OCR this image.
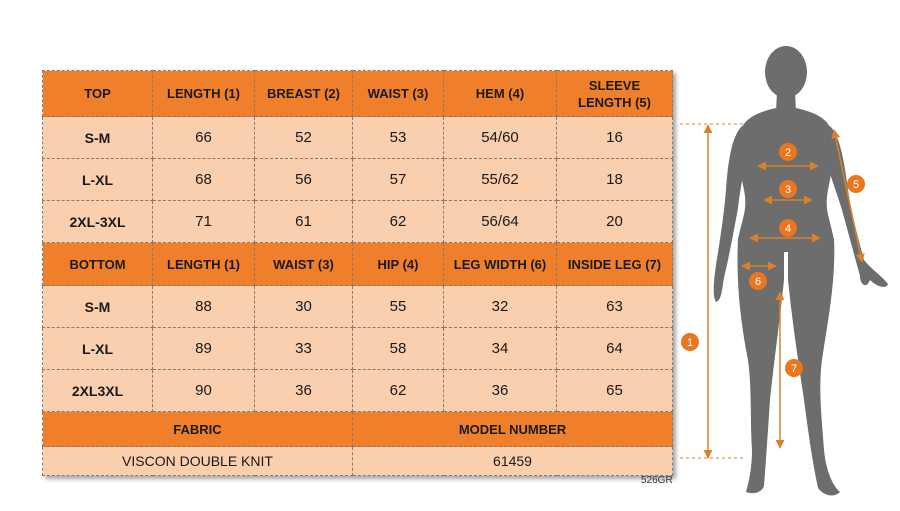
TOP	LENGTH (1)	BREAST (2)	WAIST (3)	HEM (4)	SLEEVE LENGTH (5)
S-M	66	52	53	54/60	16
L-XL	68	56	57	55/62	18
2XL-3XL	71	61	62	56/64	20
BOTTOM	LENGTH (1)	WAIST (3)	HIP (4)	LEG WIDTH (6)	INSIDE LEG (7)
S-M	88	30	55	32	63
L-XL	89	33	58	34	64
2XL3XL	90	36	62	36	65
FABRIC			MODEL NUMBER		
VISCON DOUBLE KNIT			61459		
526GR
1
2
3
4
5
6
7
